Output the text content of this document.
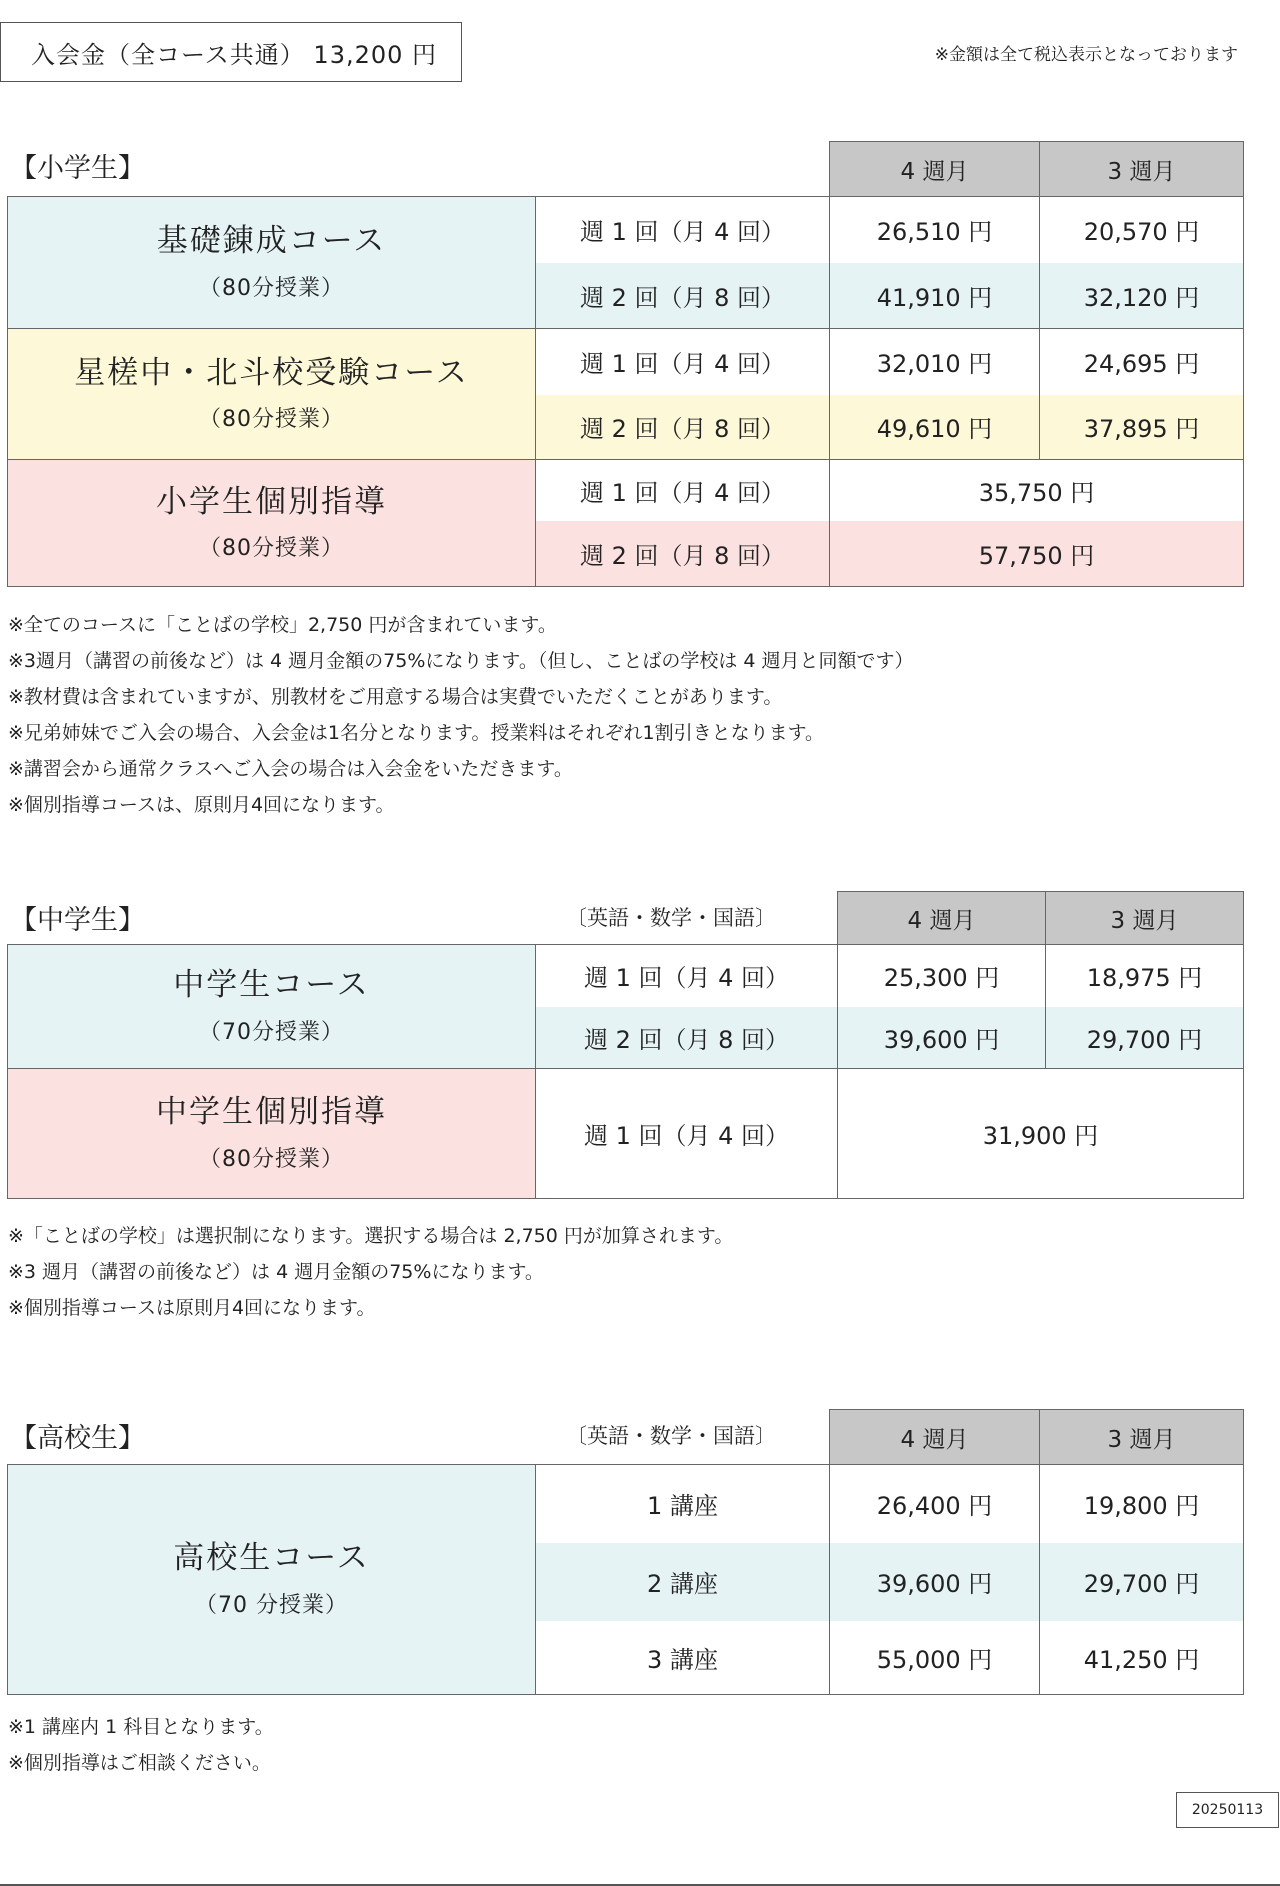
入会金（全コース共通） 13,200 円	※金額は全て税込表示となっております
【小学生】
		4 週月	3 週月

基礎錬成コース
（80分授業）	週 1 回（月 4 回）	26,510 円	20,570 円
	週 2 回（月 8 回）	41,910 円	32,120 円

星槎中・北斗校受験コース
（80分授業）	週 1 回（月 4 回）	32,010 円	24,695 円
	週 2 回（月 8 回）	49,610 円	37,895 円

小学生個別指導
（80分授業）	週 1 回（月 4 回）	35,750 円	
	週 2 回（月 8 回）	57,750 円	
※全てのコースに「ことばの学校」2,750 円が含まれています。
※3週月（講習の前後など）は 4 週月金額の75%になります。（但し、ことばの学校は 4 週月と同額です）
※教材費は含まれていますが、別教材をご用意する場合は実費でいただくことがあります。
※兄弟姉妹でご入会の場合、入会金は1名分となります。授業料はそれぞれ1割引きとなります。
※講習会から通常クラスへご入会の場合は入会金をいただきます。
※個別指導コースは、原則月4回になります。
【中学生】	〔英語・数学・国語〕
		4 週月	3 週月

中学生コース
（70分授業）	週 1 回（月 4 回）	25,300 円	18,975 円
	週 2 回（月 8 回）	39,600 円	29,700 円

中学生個別指導
（80分授業）	週 1 回（月 4 回）	31,900 円	
※「ことばの学校」は選択制になります。選択する場合は 2,750 円が加算されます。
※3 週月（講習の前後など）は 4 週月金額の75%になります。
※個別指導コースは原則月4回になります。
【高校生】	〔英語・数学・国語〕
		4 週月	3 週月

高校生コース
（70 分授業）	1 講座	26,400 円	19,800 円
	2 講座	39,600 円	29,700 円
	3 講座	55,000 円	41,250 円
※1 講座内 1 科目となります。
※個別指導はご相談ください。
20250113
